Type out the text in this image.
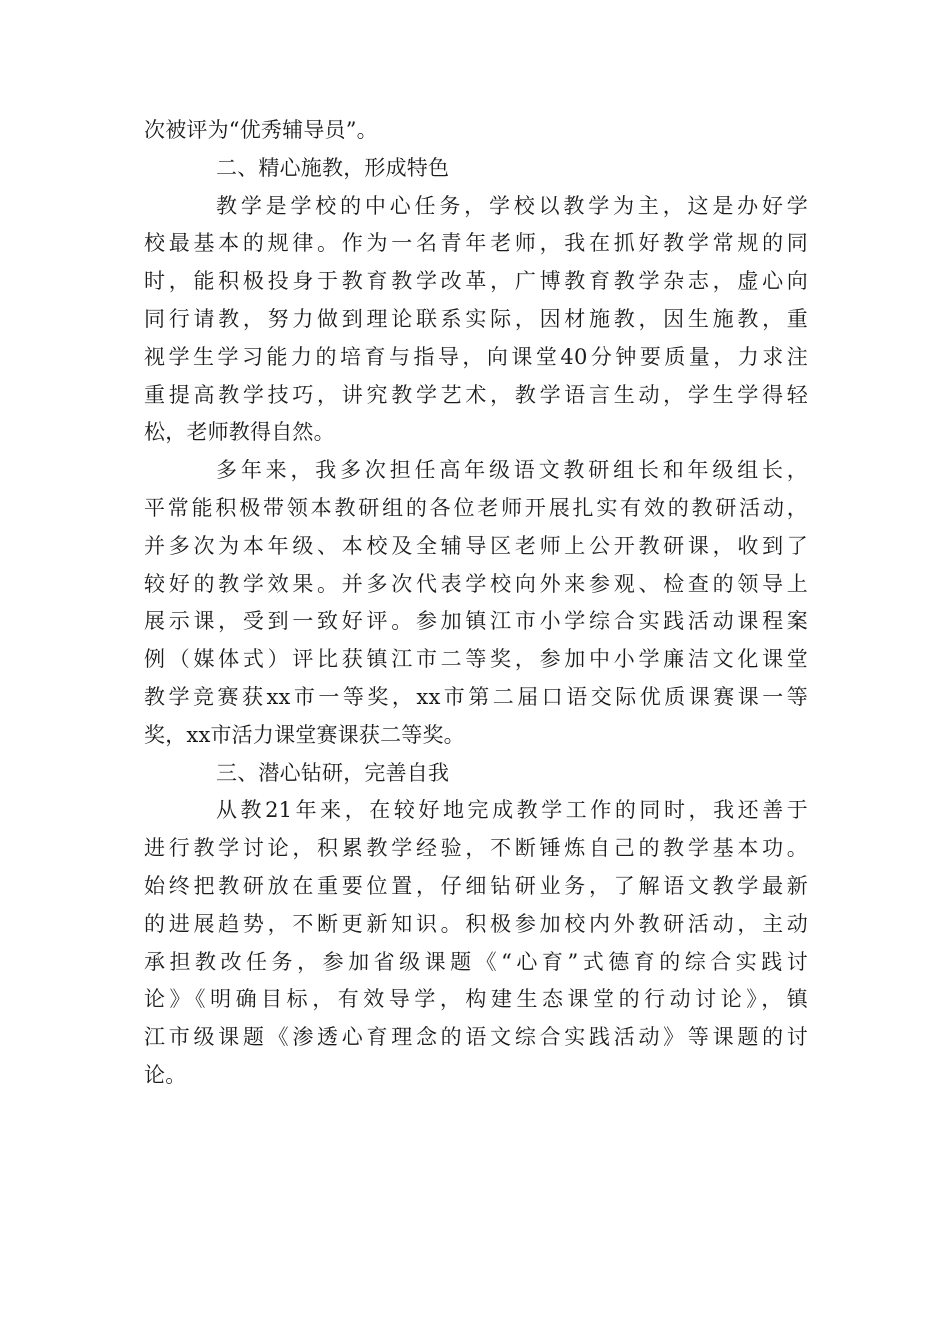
次被评为“优秀辅导员”。
二、精心施教，形成特色
教学是学校的中心任务，学校以教学为主，这是办好学
校最基本的规律。作为一名青年老师，我在抓好教学常规的同
时，能积极投身于教育教学改革，广博教育教学杂志，虚心向
同行请教，努力做到理论联系实际，因材施教，因生施教，重
视学生学习能力的培育与指导，向课堂40分钟要质量，力求注
重提高教学技巧，讲究教学艺术，教学语言生动，学生学得轻
松，老师教得自然。
多年来，我多次担任高年级语文教研组长和年级组长，
平常能积极带领本教研组的各位老师开展扎实有效的教研活动，
并多次为本年级、本校及全辅导区老师上公开教研课，收到了
较好的教学效果。并多次代表学校向外来参观、检查的领导上
展示课，受到一致好评。参加镇江市小学综合实践活动课程案
例（媒体式）评比获镇江市二等奖，参加中小学廉洁文化课堂
教学竞赛获xx市一等奖，xx市第二届口语交际优质课赛课一等
奖，xx市活力课堂赛课获二等奖。
三、潜心钻研，完善自我
从教21年来，在较好地完成教学工作的同时，我还善于
进行教学讨论，积累教学经验，不断锤炼自己的教学基本功。
始终把教研放在重要位置，仔细钻研业务，了解语文教学最新
的进展趋势，不断更新知识。积极参加校内外教研活动，主动
承担教改任务，参加省级课题《“心育”式德育的综合实践讨
论》《明确目标，有效导学，构建生态课堂的行动讨论》，镇
江市级课题《渗透心育理念的语文综合实践活动》等课题的讨
论。
